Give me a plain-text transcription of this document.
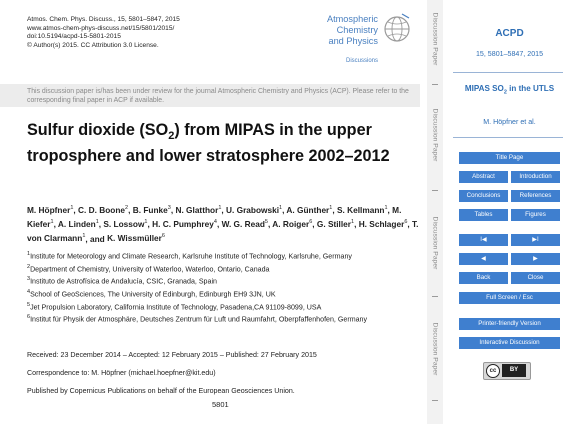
Atmos. Chem. Phys. Discuss., 15, 5801–5847, 2015
www.atmos-chem-phys-discuss.net/15/5801/2015/
doi:10.5194/acpd-15-5801-2015
© Author(s) 2015. CC Attribution 3.0 License.
Atmospheric
Chemistry
and Physics
Discussions
This discussion paper is/has been under review for the journal Atmospheric Chemistry and Physics (ACP). Please refer to the corresponding final paper in ACP if available.
Sulfur dioxide $(SO_2)$ from MIPAS in the upper troposphere and lower stratosphere 2002–2012
M. Höpfner$^1$, C. D. Boone$^2$, B. Funke$^3$, N. Glatthor$^1$, U. Grabowski$^1$, A. Günther$^1$, S. Kellmann$^1$, M. Kiefer$^1$, A. Linden$^1$, S. Lossow$^1$, H. C. Pumphrey$^4$, W. G. Read$^5$, A. Roiger$^6$, G. Stiller$^1$, H. Schlager$^6$, T. von Clarmann$^1$, and K. Wissmüller$^6$
$^1$Institute for Meteorology and Climate Research, Karlsruhe Institute of Technology, Karlsruhe, Germany
$^2$Department of Chemistry, University of Waterloo, Waterloo, Ontario, Canada
$^3$Instituto de Astrofísica de Andalucía, CSIC, Granada, Spain
$^4$School of GeoSciences, The University of Edinburgh, Edinburgh EH9 3JN, UK
$^5$Jet Propulsion Laboratory, California Institute of Technology, Pasadena,CA 91109-8099, USA
$^6$Institut für Physik der Atmosphäre, Deutsches Zentrum für Luft und Raumfahrt, Oberpfaffenhofen, Germany
Received: 23 December 2014 – Accepted: 12 February 2015 – Published: 27 February 2015
Correspondence to: M. Höpfner (michael.hoepfner@kit.edu)
Published by Copernicus Publications on behalf of the European Geosciences Union.
5801
Discussion Paper
Discussion Paper
Discussion Paper
Discussion Paper
ACPD
15, 5801–5847, 2015
MIPAS $SO_2$ in the UTLS
M. Höpfner et al.
Title Page
Abstract	Introduction
Conclusions	References
Tables	Figures
I◀	▶I
◀	▶
Back	Close
Full Screen / Esc
Printer-friendly Version
Interactive Discussion
cc	BY
